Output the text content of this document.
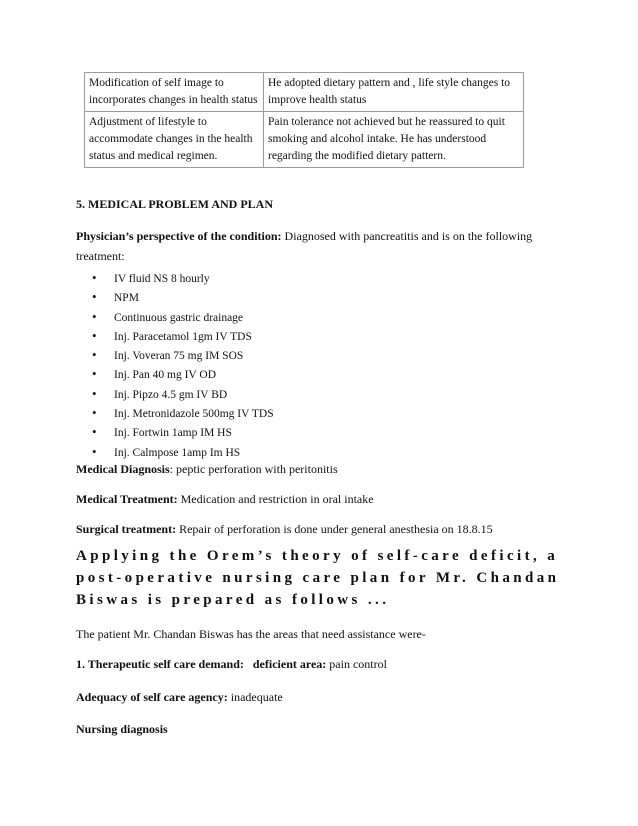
Modification of self image to incorporates changes in health status	He adopted dietary pattern and , life style changes to improve health status
Adjustment of lifestyle to accommodate changes in the health status and medical regimen.	Pain tolerance not achieved but he reassured to quit smoking and alcohol intake. He has understood regarding the modified dietary pattern.
5. MEDICAL PROBLEM AND PLAN
Physician’s perspective of the condition: Diagnosed with pancreatitis and is on the following treatment:
• IV fluid NS 8 hourly
• NPM
• Continuous gastric drainage
• Inj. Paracetamol 1gm IV TDS
• Inj. Voveran 75 mg IM SOS
• Inj. Pan 40 mg IV OD
• Inj. Pipzo 4.5 gm IV BD
• Inj. Metronidazole 500mg IV TDS
• Inj. Fortwin 1amp IM HS
• Inj. Calmpose 1amp Im HS
Medical Diagnosis: peptic perforation with peritonitis
Medical Treatment: Medication and restriction in oral intake
Surgical treatment: Repair of perforation is done under general anesthesia on 18.8.15
Applying the Orem’s theory of self-care deficit, a post-operative nursing care plan for Mr. Chandan Biswas is prepared as follows ...
The patient Mr. Chandan Biswas has the areas that need assistance were-
1. Therapeutic self care demand: deficient area: pain control
Adequacy of self care agency: inadequate
Nursing diagnosis
